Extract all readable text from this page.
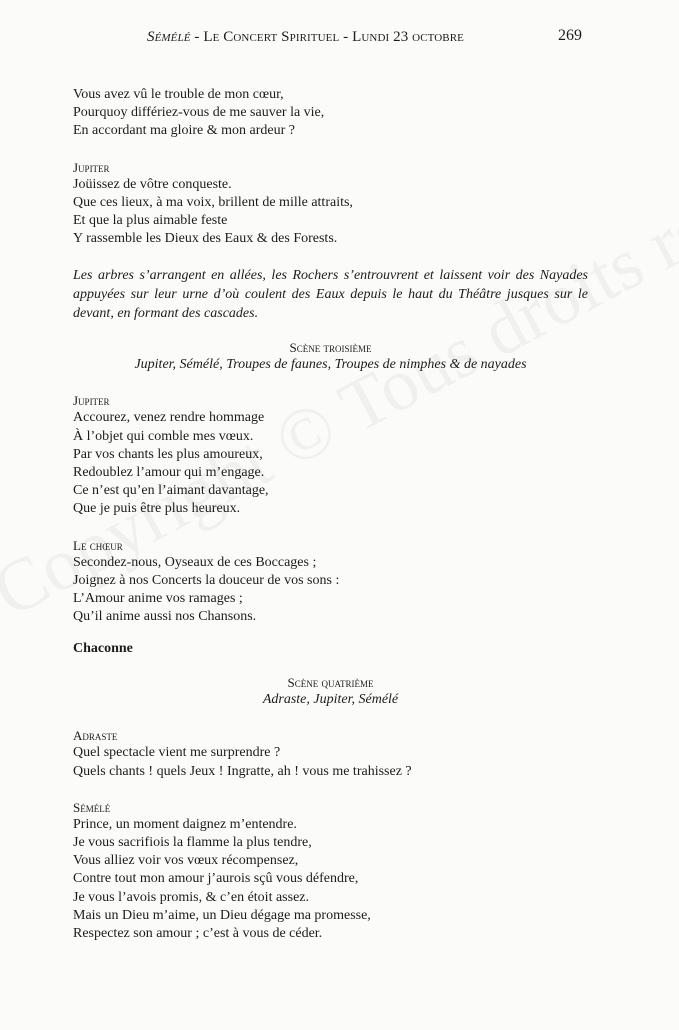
Sémélé - Le Concert Spirituel - Lundi 23 octobre	269
Vous avez vû le trouble de mon cœur,
Pourquoy différiez-vous de me sauver la vie,
En accordant ma gloire & mon ardeur ?
Jupiter
Joüissez de vôtre conqueste.
Que ces lieux, à ma voix, brillent de mille attraits,
Et que la plus aimable feste
Y rassemble les Dieux des Eaux & des Forests.
Les arbres s’arrangent en allées, les Rochers s’entrouvrent et laissent voir des Nayades appuyées sur leur urne d’où coulent des Eaux depuis le haut du Théâtre jusques sur le devant, en formant des cascades.
Scène troisième
Jupiter, Sémélé, Troupes de faunes, Troupes de nimphes & de nayades
Jupiter
Accourez, venez rendre hommage
À l’objet qui comble mes vœux.
Par vos chants les plus amoureux,
Redoublez l’amour qui m’engage.
Ce n’est qu’en l’aimant davantage,
Que je puis être plus heureux.
Le chœur
Secondez-nous, Oyseaux de ces Boccages ;
Joignez à nos Concerts la douceur de vos sons :
L’Amour anime vos ramages ;
Qu’il anime aussi nos Chansons.
Chaconne
Scène quatrième
Adraste, Jupiter, Sémélé
Adraste
Quel spectacle vient me surprendre ?
Quels chants ! quels Jeux ! Ingratte, ah ! vous me trahissez ?
Sémélé
Prince, un moment daignez m’entendre.
Je vous sacrifiois la flamme la plus tendre,
Vous alliez voir vos vœux récompensez,
Contre tout mon amour j’aurois sçû vous défendre,
Je vous l’avois promis, & c’en étoit assez.
Mais un Dieu m’aime, un Dieu dégage ma promesse,
Respectez son amour ; c’est à vous de céder.
